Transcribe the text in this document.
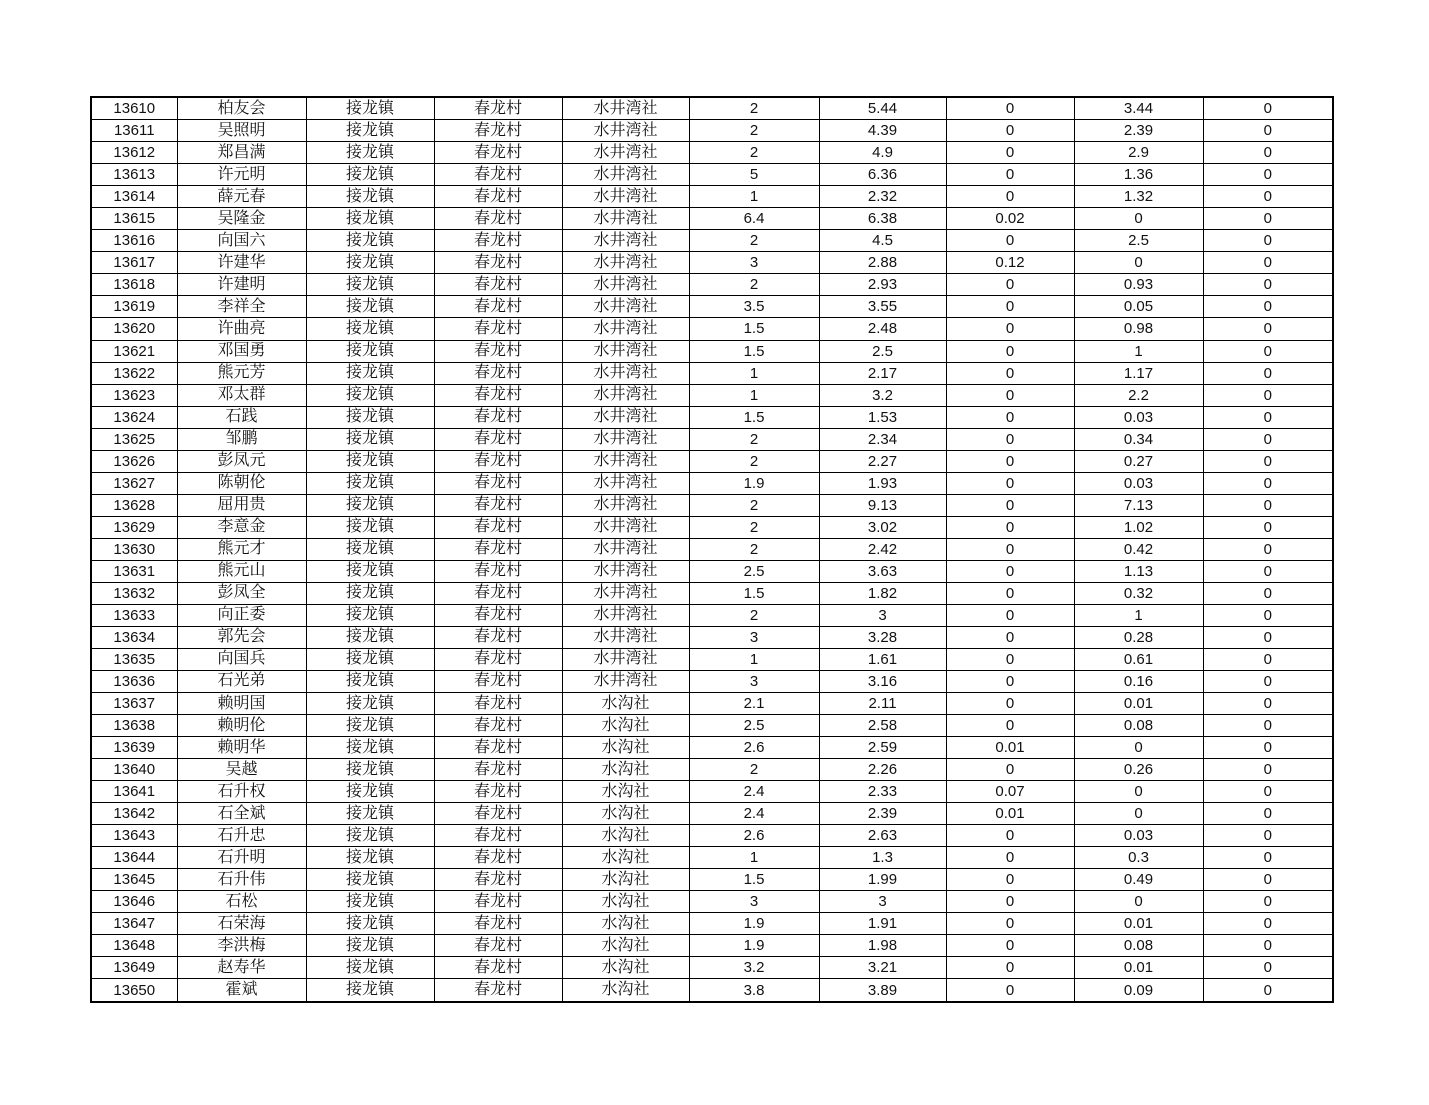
13610	柏友会	接龙镇	春龙村	水井湾社	2	5.44	0	3.44	0
13611	吴照明	接龙镇	春龙村	水井湾社	2	4.39	0	2.39	0
13612	郑昌满	接龙镇	春龙村	水井湾社	2	4.9	0	2.9	0
13613	许元明	接龙镇	春龙村	水井湾社	5	6.36	0	1.36	0
13614	薛元春	接龙镇	春龙村	水井湾社	1	2.32	0	1.32	0
13615	吴隆金	接龙镇	春龙村	水井湾社	6.4	6.38	0.02	0	0
13616	向国六	接龙镇	春龙村	水井湾社	2	4.5	0	2.5	0
13617	许建华	接龙镇	春龙村	水井湾社	3	2.88	0.12	0	0
13618	许建明	接龙镇	春龙村	水井湾社	2	2.93	0	0.93	0
13619	李祥全	接龙镇	春龙村	水井湾社	3.5	3.55	0	0.05	0
13620	许曲亮	接龙镇	春龙村	水井湾社	1.5	2.48	0	0.98	0
13621	邓国勇	接龙镇	春龙村	水井湾社	1.5	2.5	0	1	0
13622	熊元芳	接龙镇	春龙村	水井湾社	1	2.17	0	1.17	0
13623	邓太群	接龙镇	春龙村	水井湾社	1	3.2	0	2.2	0
13624	石践	接龙镇	春龙村	水井湾社	1.5	1.53	0	0.03	0
13625	邹鹏	接龙镇	春龙村	水井湾社	2	2.34	0	0.34	0
13626	彭凤元	接龙镇	春龙村	水井湾社	2	2.27	0	0.27	0
13627	陈朝伦	接龙镇	春龙村	水井湾社	1.9	1.93	0	0.03	0
13628	屈用贵	接龙镇	春龙村	水井湾社	2	9.13	0	7.13	0
13629	李意金	接龙镇	春龙村	水井湾社	2	3.02	0	1.02	0
13630	熊元才	接龙镇	春龙村	水井湾社	2	2.42	0	0.42	0
13631	熊元山	接龙镇	春龙村	水井湾社	2.5	3.63	0	1.13	0
13632	彭凤全	接龙镇	春龙村	水井湾社	1.5	1.82	0	0.32	0
13633	向正委	接龙镇	春龙村	水井湾社	2	3	0	1	0
13634	郭先会	接龙镇	春龙村	水井湾社	3	3.28	0	0.28	0
13635	向国兵	接龙镇	春龙村	水井湾社	1	1.61	0	0.61	0
13636	石光弟	接龙镇	春龙村	水井湾社	3	3.16	0	0.16	0
13637	赖明国	接龙镇	春龙村	水沟社	2.1	2.11	0	0.01	0
13638	赖明伦	接龙镇	春龙村	水沟社	2.5	2.58	0	0.08	0
13639	赖明华	接龙镇	春龙村	水沟社	2.6	2.59	0.01	0	0
13640	吴越	接龙镇	春龙村	水沟社	2	2.26	0	0.26	0
13641	石升权	接龙镇	春龙村	水沟社	2.4	2.33	0.07	0	0
13642	石全斌	接龙镇	春龙村	水沟社	2.4	2.39	0.01	0	0
13643	石升忠	接龙镇	春龙村	水沟社	2.6	2.63	0	0.03	0
13644	石升明	接龙镇	春龙村	水沟社	1	1.3	0	0.3	0
13645	石升伟	接龙镇	春龙村	水沟社	1.5	1.99	0	0.49	0
13646	石松	接龙镇	春龙村	水沟社	3	3	0	0	0
13647	石荣海	接龙镇	春龙村	水沟社	1.9	1.91	0	0.01	0
13648	李洪梅	接龙镇	春龙村	水沟社	1.9	1.98	0	0.08	0
13649	赵寿华	接龙镇	春龙村	水沟社	3.2	3.21	0	0.01	0
13650	霍斌	接龙镇	春龙村	水沟社	3.8	3.89	0	0.09	0
